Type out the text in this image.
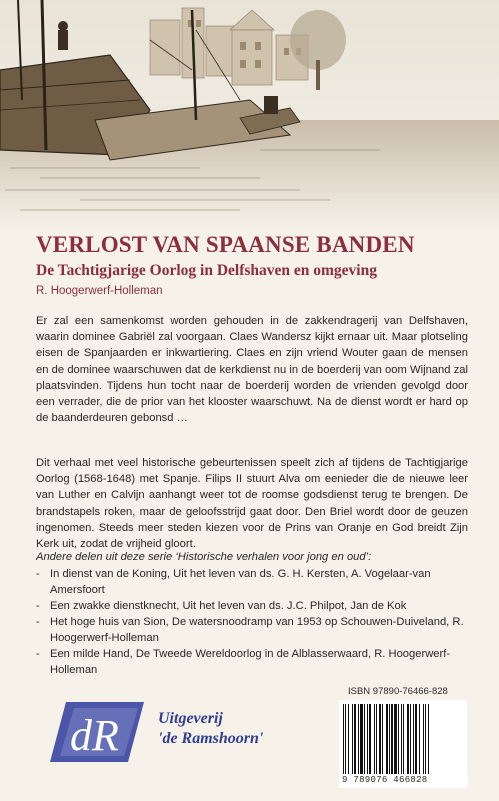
VERLOST VAN SPAANSE BANDEN
De Tachtigjarige Oorlog in Delfshaven en omgeving
R. Hoogerwerf-Holleman

Er zal een samenkomst worden gehouden in de zakkendragerij van Delfshaven, waarin dominee Gabriël zal voorgaan. Claes Wandersz kijkt ernaar uit. Maar plotseling eisen de Spanjaarden er inkwartiering. Claes en zijn vriend Wouter gaan de mensen en de dominee waarschuwen dat de kerkdienst nu in de boerderij van oom Wijnand zal plaatsvinden. Tijdens hun tocht naar de boerderij worden de vrienden gevolgd door een verrader, die de prior van het klooster waarschuwt. Na de dienst wordt er hard op de baanderdeuren gebonsd …

Dit verhaal met veel historische gebeurtenissen speelt zich af tijdens de Tachtigjarige Oorlog (1568-1648) met Spanje. Filips II stuurt Alva om eenieder die de nieuwe leer van Luther en Calvijn aanhangt weer tot de roomse godsdienst terug te brengen. De brandstapels roken, maar de geloofsstrijd gaat door. Den Briel wordt door de geuzen ingenomen. Steeds meer steden kiezen voor de Prins van Oranje en God breidt Zijn Kerk uit, zodat de vrijheid gloort.

Andere delen uit deze serie ‘Historische verhalen voor jong en oud’:

- In dienst van de Koning, Uit het leven van ds. G. H. Kersten, A. Vogelaar-van Amersfoort
- Een zwakke dienstknecht, Uit het leven van ds. J.C. Philpot, Jan de Kok
- Het hoge huis van Sion, De watersnoodramp van 1953 op Schouwen-Duiveland, R. Hoogerwerf-Holleman
- Een milde Hand, De Tweede Wereldoorlog in de Alblasserwaard, R. Hoogerwerf-Holleman
dR Uitgeverij
'de Ramshoorn'
ISBN 97890-76466-828
9 789076 466828
